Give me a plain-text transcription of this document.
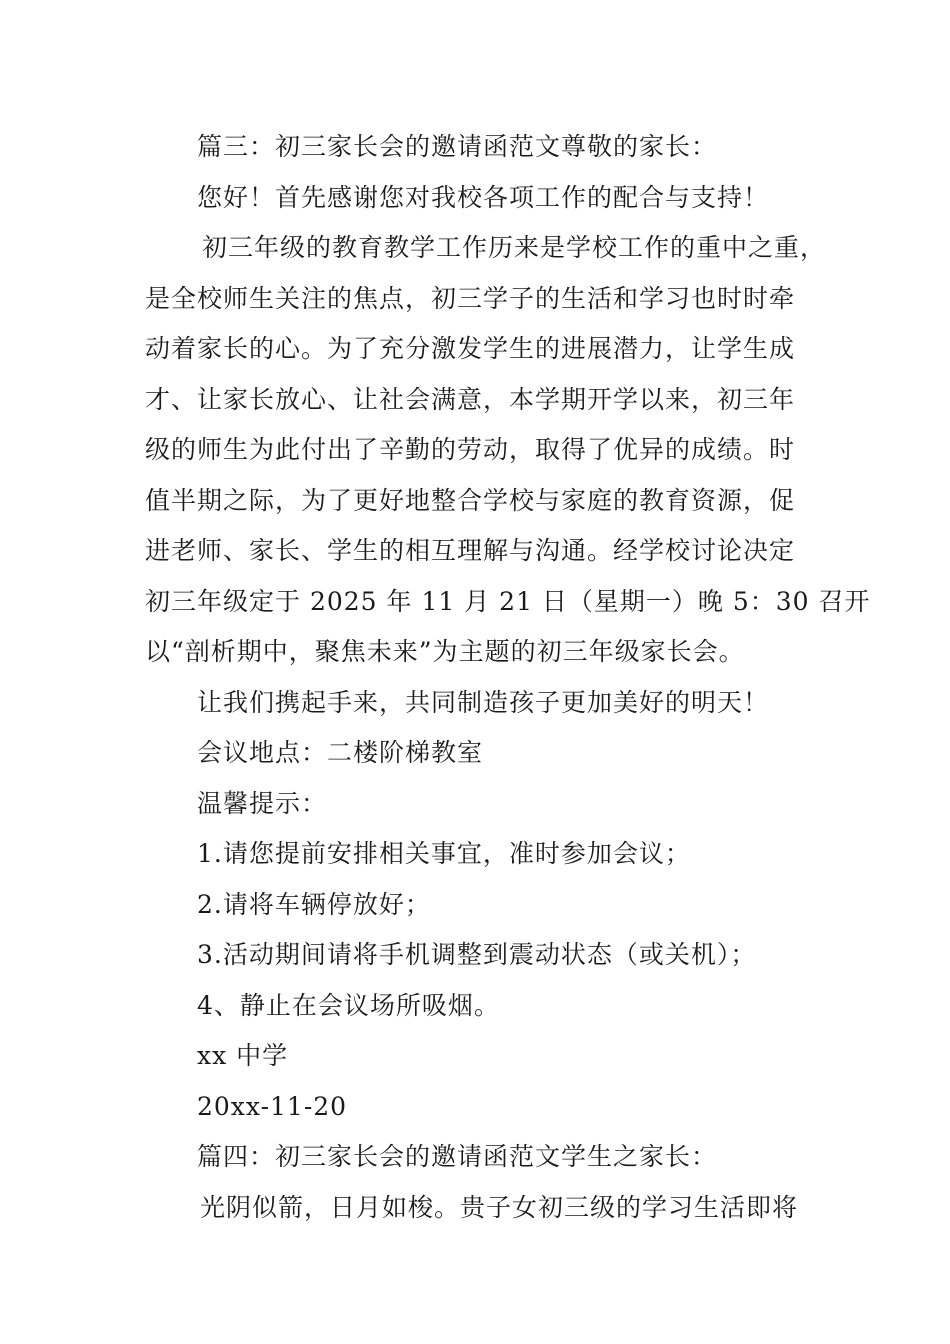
篇三：初三家长会的邀请函范文尊敬的家长：
您好！首先感谢您对我校各项工作的配合与支持！
初三年级的教育教学工作历来是学校工作的重中之重，
是全校师生关注的焦点，初三学子的生活和学习也时时牵
动着家长的心。为了充分激发学生的进展潜力，让学生成
才、让家长放心、让社会满意，本学期开学以来，初三年
级的师生为此付出了辛勤的劳动，取得了优异的成绩。时
值半期之际，为了更好地整合学校与家庭的教育资源，促
进老师、家长、学生的相互理解与沟通。经学校讨论决定
初三年级定于 2025 年 11 月 21 日（星期一）晚 5：30 召开
以“剖析期中，聚焦未来”为主题的初三年级家长会。
让我们携起手来，共同制造孩子更加美好的明天！
会议地点：二楼阶梯教室
温馨提示：
1.请您提前安排相关事宜，准时参加会议；
2.请将车辆停放好；
3.活动期间请将手机调整到震动状态（或关机）；
4、静止在会议场所吸烟。
xx 中学
20xx-11-20
篇四：初三家长会的邀请函范文学生之家长：
光阴似箭，日月如梭。贵子女初三级的学习生活即将
